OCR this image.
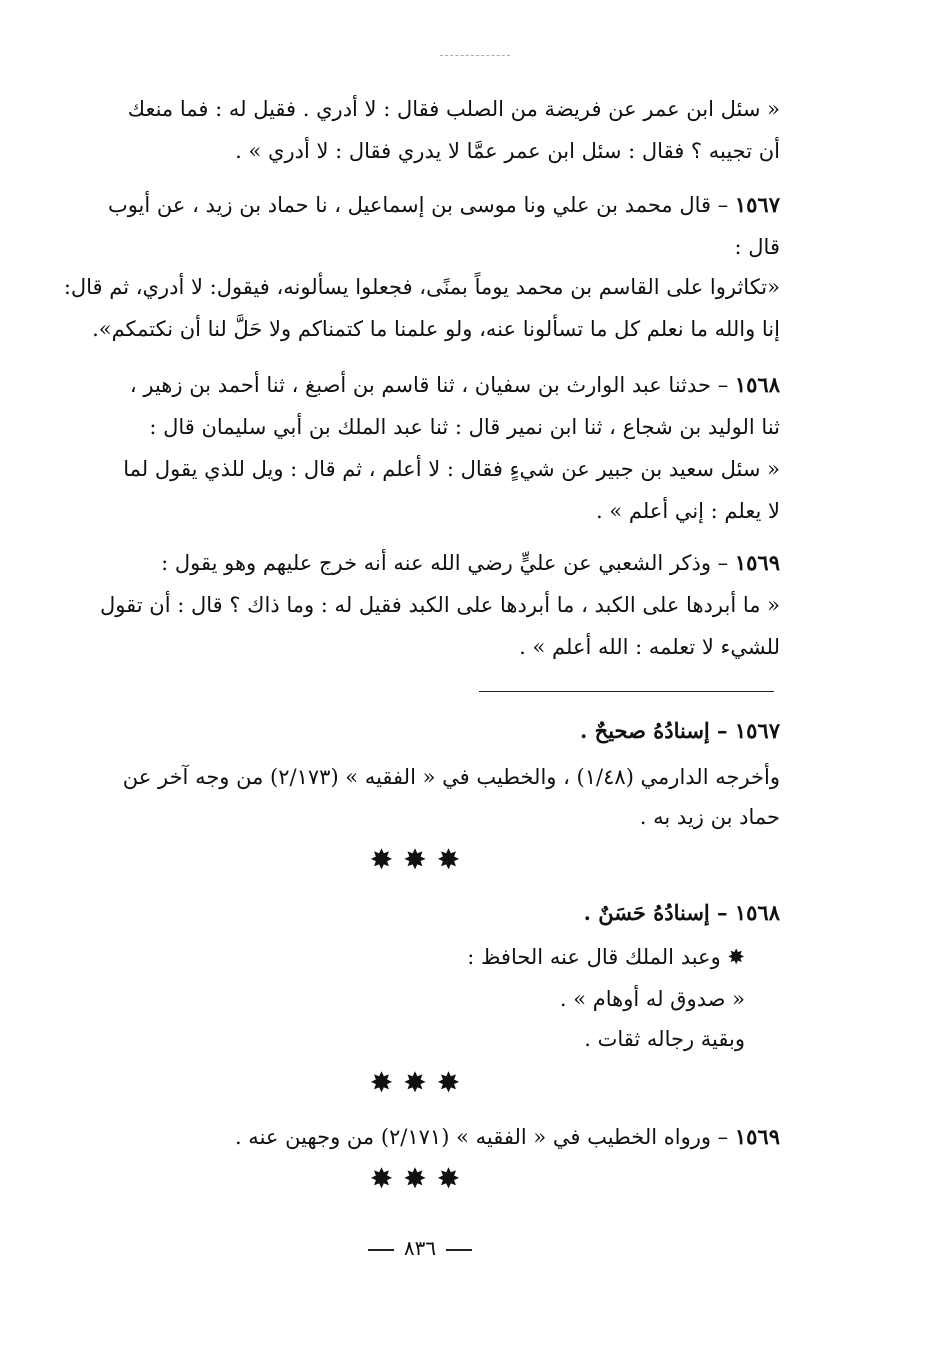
« سئل ابن عمر عن فريضة من الصلب فقال : لا أدري . فقيل له : فما منعك
أن تجيبه ؟ فقال : سئل ابن عمر عمَّا لا يدري فقال : لا أدري » .
١٥٦٧ – قال محمد بن علي ونا موسى بن إسماعيل ، نا حماد بن زيد ، عن أيوب
قال :
«تكاثروا على القاسم بن محمد يوماً بمنًى، فجعلوا يسألونه، فيقول: لا أدري، ثم قال:
إنا والله ما نعلم كل ما تسألونا عنه، ولو علمنا ما كتمناكم ولا حَلَّ لنا أن نكتمكم».
١٥٦٨ – حدثنا عبد الوارث بن سفيان ، ثنا قاسم بن أصبغ ، ثنا أحمد بن زهير ،
ثنا الوليد بن شجاع ، ثنا ابن نمير قال : ثنا عبد الملك بن أبي سليمان قال :
« سئل سعيد بن جبير عن شيءٍ فقال : لا أعلم ، ثم قال : ويل للذي يقول لما
لا يعلم : إني أعلم » .
١٥٦٩ – وذكر الشعبي عن عليٍّ رضي الله عنه أنه خرج عليهم وهو يقول :
« ما أبردها على الكبد ، ما أبردها على الكبد فقيل له : وما ذاك ؟ قال : أن تقول
للشيء لا تعلمه : الله أعلم » .
١٥٦٧ – إسنادُهُ صحيحٌ .
وأخرجه الدارمي (١/٤٨) ، والخطيب في « الفقيه » (٢/١٧٣) من وجه آخر عن
حماد بن زيد به .
✸✸✸
١٥٦٨ – إسنادُهُ حَسَنٌ .
✸ وعبد الملك قال عنه الحافظ :
« صدوق له أوهام » .
وبقية رجاله ثقات .
✸✸✸
١٥٦٩ – ورواه الخطيب في « الفقيه » (٢/١٧١) من وجهين عنه .
✸✸✸
٨٣٦
